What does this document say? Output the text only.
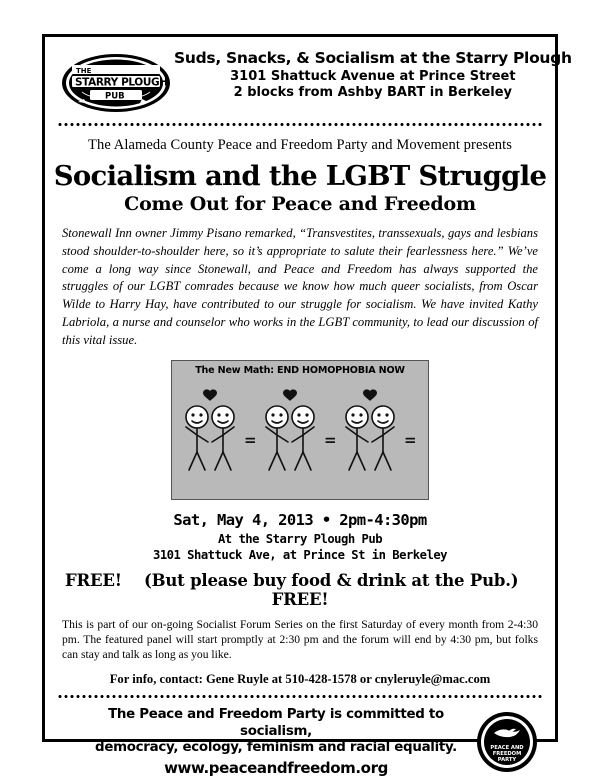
THE
STARRY PLOUGH
PUB
Suds, Snacks, & Socialism at the Starry Plough
3101 Shattuck Avenue at Prince Street
2 blocks from Ashby BART in Berkeley
The Alameda County Peace and Freedom Party and Movement presents
Socialism and the LGBT Struggle
Come Out for Peace and Freedom
Stonewall Inn owner Jimmy Pisano remarked, “Transvestites, transsexuals, gays and lesbians stood shoulder-to-shoulder here, so it’s appropriate to salute their fearlessness here.” We’ve come a long way since Stonewall, and Peace and Freedom has always supported the struggles of our LGBT comrades because we know how much queer socialists, from Oscar Wilde to Harry Hay, have contributed to our struggle for socialism. We have invited Kathy Labriola, a nurse and counselor who works in the LGBT community, to lead our discussion of this vital issue.
The New Math: END HOMOPHOBIA NOW
=	=	=
Sat, May 4, 2013 • 2pm-4:30pm
At the Starry Plough Pub
3101 Shattuck Ave, at Prince St in Berkeley
FREE! (But please buy food & drink at the Pub.)    FREE!
This is part of our on-going Socialist Forum Series on the first Saturday of every month from 2-4:30 pm. The featured panel will start promptly at 2:30 pm and the forum will end by 4:30 pm, but folks can stay and talk as long as you like.
For info, contact: Gene Ruyle at 510-428-1578 or cnyleruyle@mac.com
The Peace and Freedom Party is committed to socialism,
democracy, ecology, feminism and racial equality.
www.peaceandfreedom.org
PEACE AND
FREEDOM
PARTY
